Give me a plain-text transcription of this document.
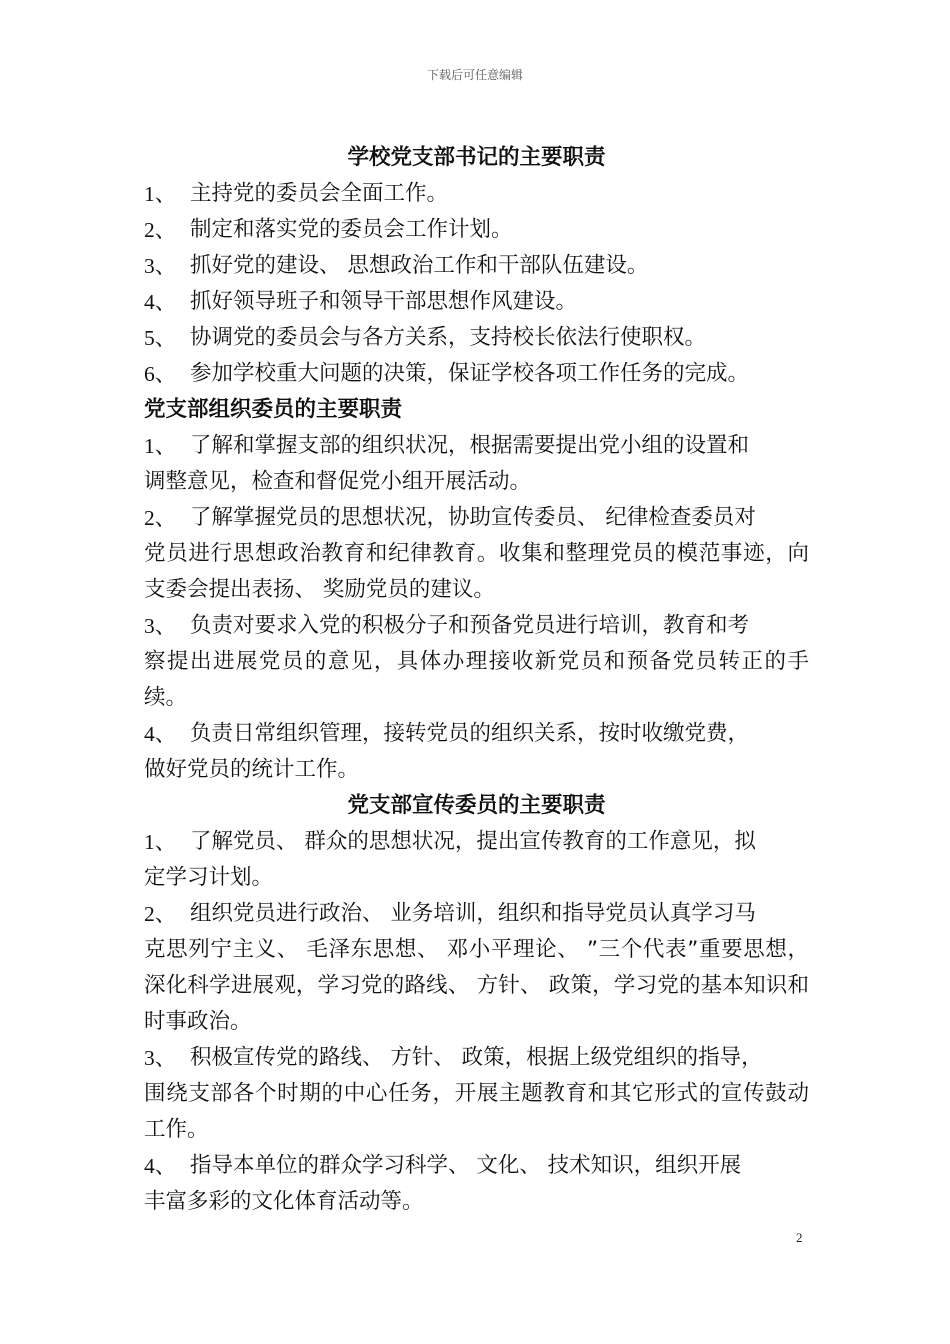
下载后可任意编辑
学校党支部书记的主要职责
1、 主持党的委员会全面工作。
2、 制定和落实党的委员会工作计划。
3、 抓好党的建设、 思想政治工作和干部队伍建设。
4、 抓好领导班子和领导干部思想作风建设。
5、 协调党的委员会与各方关系，支持校长依法行使职权。
6、 参加学校重大问题的决策，保证学校各项工作任务的完成。
党支部组织委员的主要职责
1、 了解和掌握支部的组织状况，根据需要提出党小组的设置和
调整意见，检查和督促党小组开展活动。
2、 了解掌握党员的思想状况，协助宣传委员、 纪律检查委员对
党员进行思想政治教育和纪律教育。收集和整理党员的模范事迹，向支委会提出表扬、 奖励党员的建议。
3、 负责对要求入党的积极分子和预备党员进行培训，教育和考
察提出进展党员的意见，具体办理接收新党员和预备党员转正的手续。
4、 负责日常组织管理，接转党员的组织关系，按时收缴党费，
做好党员的统计工作。
党支部宣传委员的主要职责
1、 了解党员、 群众的思想状况，提出宣传教育的工作意见，拟
定学习计划。
2、 组织党员进行政治、 业务培训，组织和指导党员认真学习马
克思列宁主义、 毛泽东思想、 邓小平理论、 ”三个代表”重要思想，深化科学进展观，学习党的路线、 方针、 政策，学习党的基本知识和时事政治。
3、 积极宣传党的路线、 方针、 政策，根据上级党组织的指导，
围绕支部各个时期的中心任务，开展主题教育和其它形式的宣传鼓动工作。
4、 指导本单位的群众学习科学、 文化、 技术知识，组织开展
丰富多彩的文化体育活动等。
2
